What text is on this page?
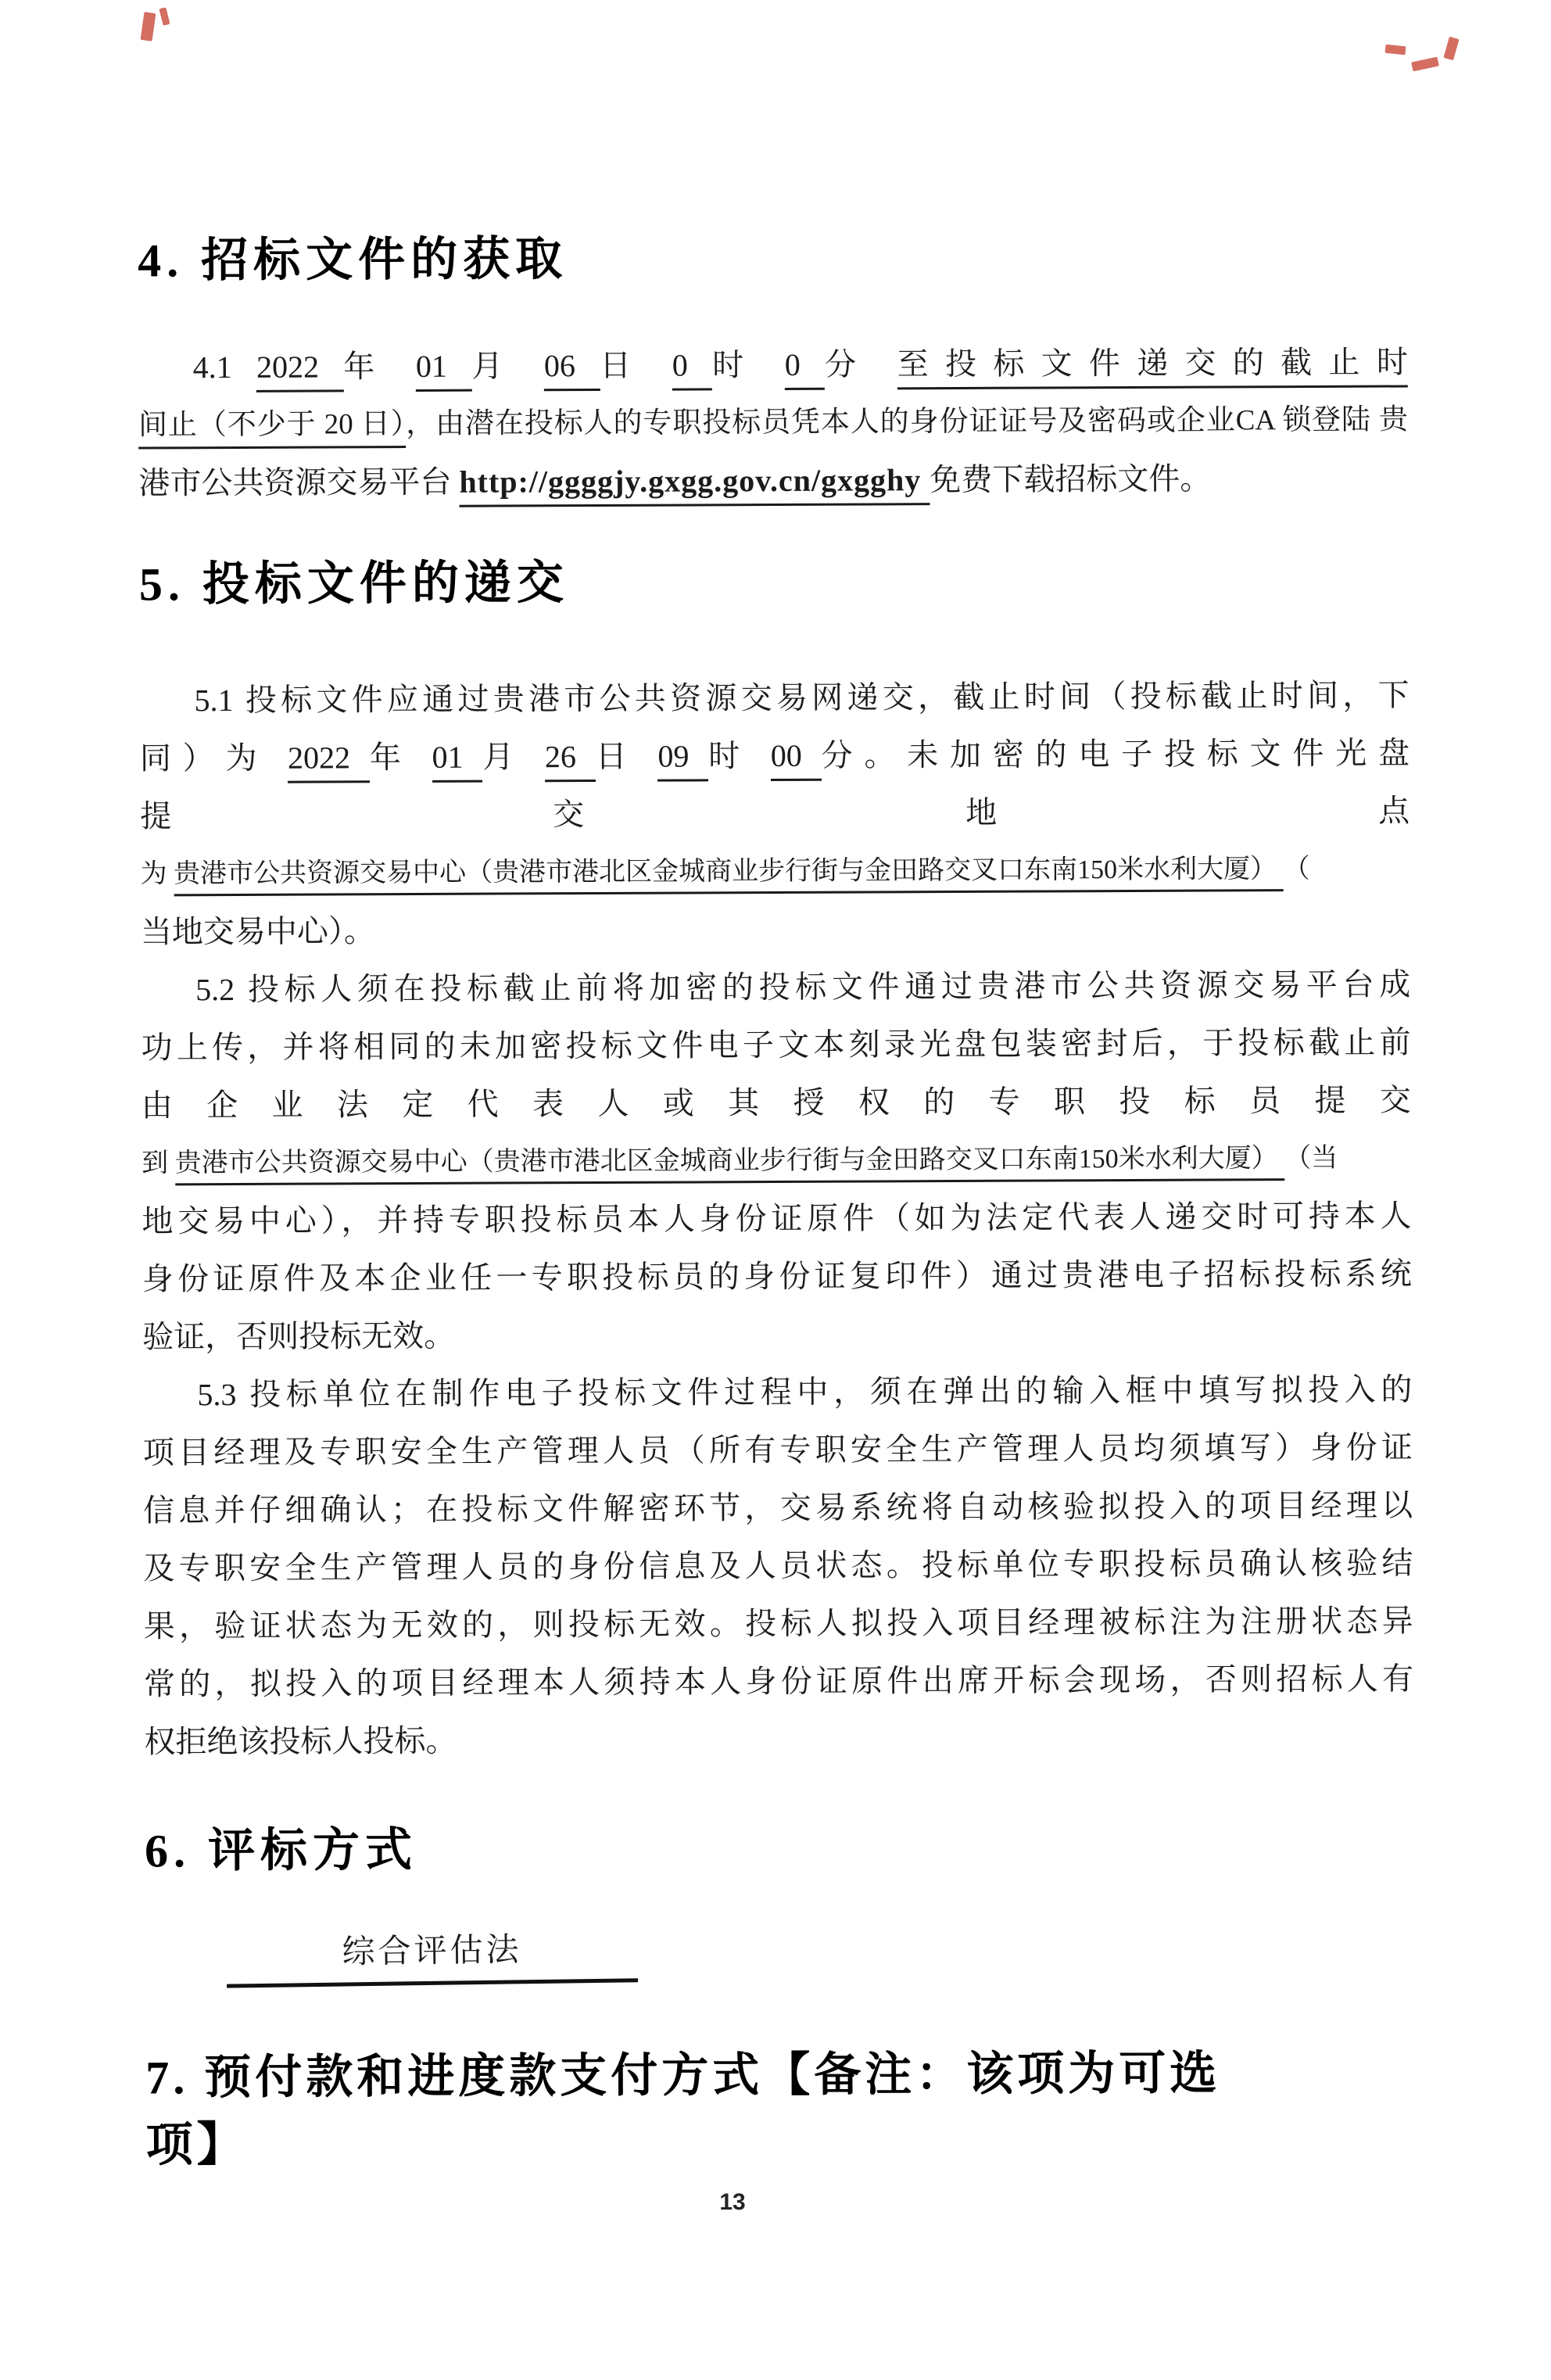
4. 招标文件的获取
4.1 2022 年 01 月 06 日 0 时 0 分 至投标文件递交的截止时
间止（不少于 20 日），由潜在投标人的专职投标员凭本人的身份证证号及密码或企业CA 锁登陆 贵
港市公共资源交易平台 http://ggggjy.gxgg.gov.cn/gxgghy 免费下载招标文件。
5. 投标文件的递交
5.1 投标文件应通过贵港市公共资源交易网递交，截止时间（投标截止时间，下
同）为 2022 年 01 月 26 日 09 时 00 分。未加密的电子投标文件光盘
提 交 地 点
为 贵港市公共资源交易中心（贵港市港北区金城商业步行街与金田路交叉口东南150米水利大厦） （
当地交易中心）。
5.2 投标人须在投标截止前将加密的投标文件通过贵港市公共资源交易平台成
功上传，并将相同的未加密投标文件电子文本刻录光盘包装密封后，于投标截止前
由 企 业 法 定 代 表 人 或 其 授 权 的 专 职 投 标 员 提 交
到 贵港市公共资源交易中心（贵港市港北区金城商业步行街与金田路交叉口东南150米水利大厦） （当
地交易中心），并持专职投标员本人身份证原件（如为法定代表人递交时可持本人
身份证原件及本企业任一专职投标员的身份证复印件）通过贵港电子招标投标系统
验证，否则投标无效。
5.3 投标单位在制作电子投标文件过程中，须在弹出的输入框中填写拟投入的
项目经理及专职安全生产管理人员（所有专职安全生产管理人员均须填写）身份证
信息并仔细确认；在投标文件解密环节，交易系统将自动核验拟投入的项目经理以
及专职安全生产管理人员的身份信息及人员状态。投标单位专职投标员确认核验结
果，验证状态为无效的，则投标无效。投标人拟投入项目经理被标注为注册状态异
常的，拟投入的项目经理本人须持本人身份证原件出席开标会现场，否则招标人有
权拒绝该投标人投标。
6. 评标方式
综合评估法
7. 预付款和进度款支付方式【备注：该项为可选
项】
13
